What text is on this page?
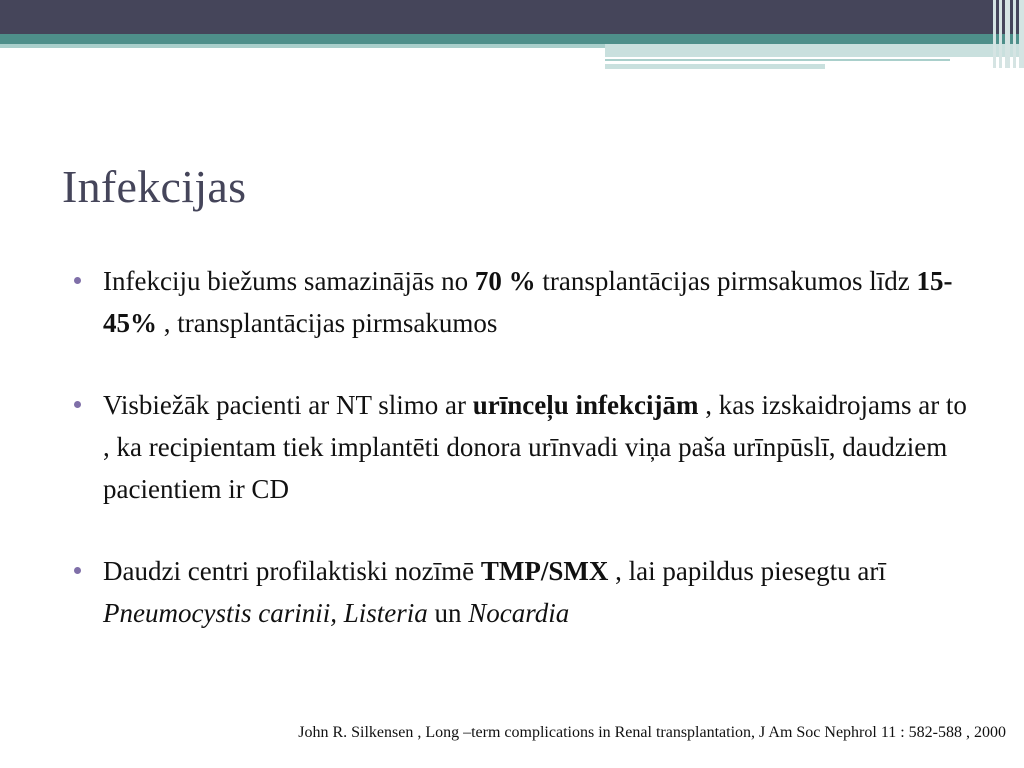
Infekcijas
Infekciju biežums samazinājās no 70 % transplantācijas pirmsakumos līdz 15-45% , transplantācijas pirmsakumos
Visbiežāk pacienti ar NT slimo ar urīnceļu infekcijām , kas izskaidrojams ar to , ka recipientam tiek implantēti donora urīnvadi viņa paša urīnpūslī, daudziem pacientiem ir CD
Daudzi centri profilaktiski nozīmē TMP/SMX , lai papildus piesegtu arī Pneumocystis carinii, Listeria un Nocardia
John R. Silkensen , Long –term complications in Renal transplantation, J Am Soc Nephrol 11 : 582-588 , 2000
